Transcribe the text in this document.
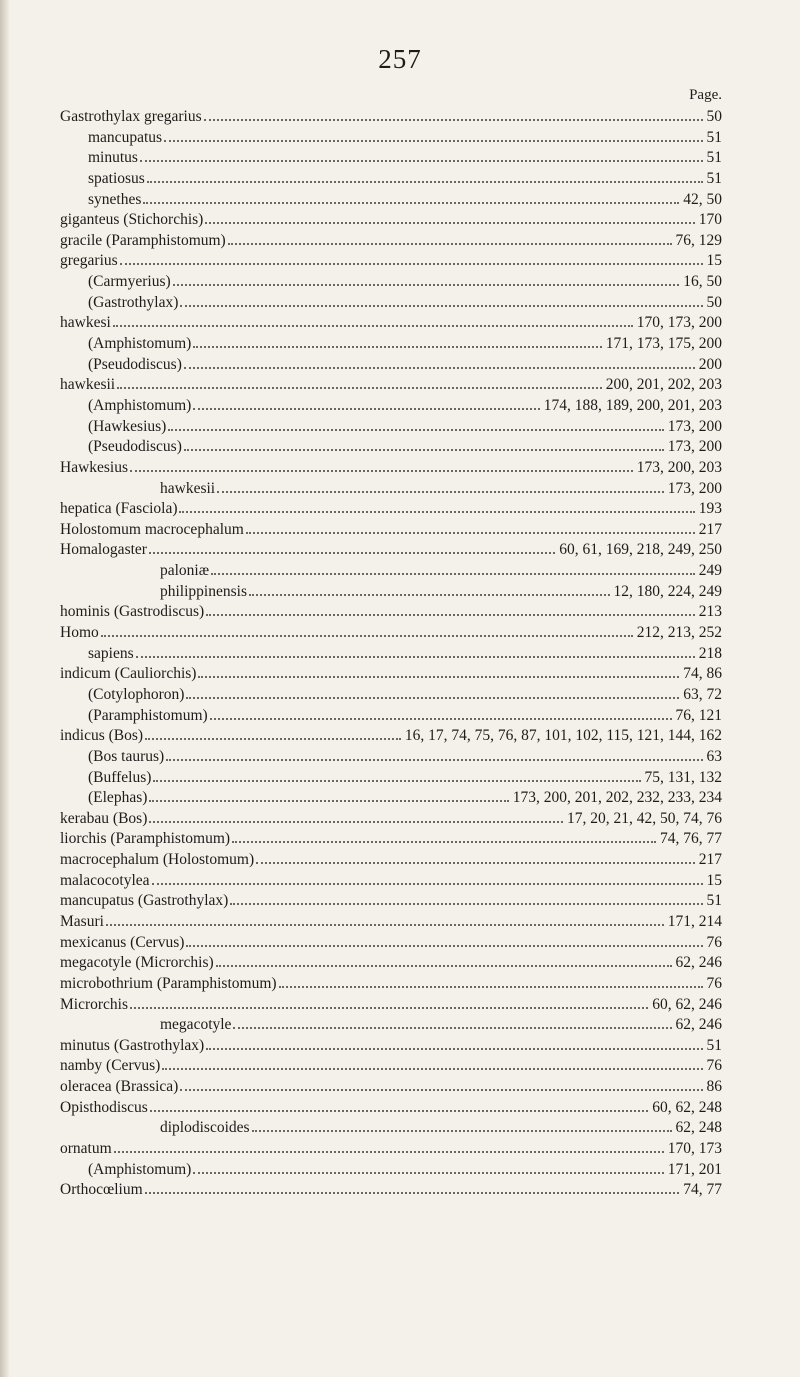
257
Page.
Gastrothylax gregarius	50
mancupatus	51
minutus	51
spatiosus	51
synethes	42, 50
giganteus (Stichorchis)	170
gracile (Paramphistomum)	76, 129
gregarius	15
(Carmyerius)	16, 50
(Gastrothylax)	50
hawkesi	170, 173, 200
(Amphistomum)	171, 173, 175, 200
(Pseudodiscus)	200
hawkesii	200, 201, 202, 203
(Amphistomum)	174, 188, 189, 200, 201, 203
(Hawkesius)	173, 200
(Pseudodiscus)	173, 200
Hawkesius	173, 200, 203
hawkesii	173, 200
hepatica (Fasciola)	193
Holostomum macrocephalum	217
Homalogaster	60, 61, 169, 218, 249, 250
paloniæ	249
philippinensis	12, 180, 224, 249
hominis (Gastrodiscus)	213
Homo	212, 213, 252
sapiens	218
indicum (Cauliorchis)	74, 86
(Cotylophoron)	63, 72
(Paramphistomum)	76, 121
indicus (Bos)	16, 17, 74, 75, 76, 87, 101, 102, 115, 121, 144, 162
(Bos taurus)	63
(Buffelus)	75, 131, 132
(Elephas)	173, 200, 201, 202, 232, 233, 234
kerabau (Bos)	17, 20, 21, 42, 50, 74, 76
liorchis (Paramphistomum)	74, 76, 77
macrocephalum (Holostomum)	217
malacocotylea	15
mancupatus (Gastrothylax)	51
Masuri	171, 214
mexicanus (Cervus)	76
megacotyle (Microrchis)	62, 246
microbothrium (Paramphistomum)	76
Microrchis	60, 62, 246
megacotyle	62, 246
minutus (Gastrothylax)	51
namby (Cervus)	76
oleracea (Brassica)	86
Opisthodiscus	60, 62, 248
diplodiscoides	62, 248
ornatum	170, 173
(Amphistomum)	171, 201
Orthocœlium	74, 77
